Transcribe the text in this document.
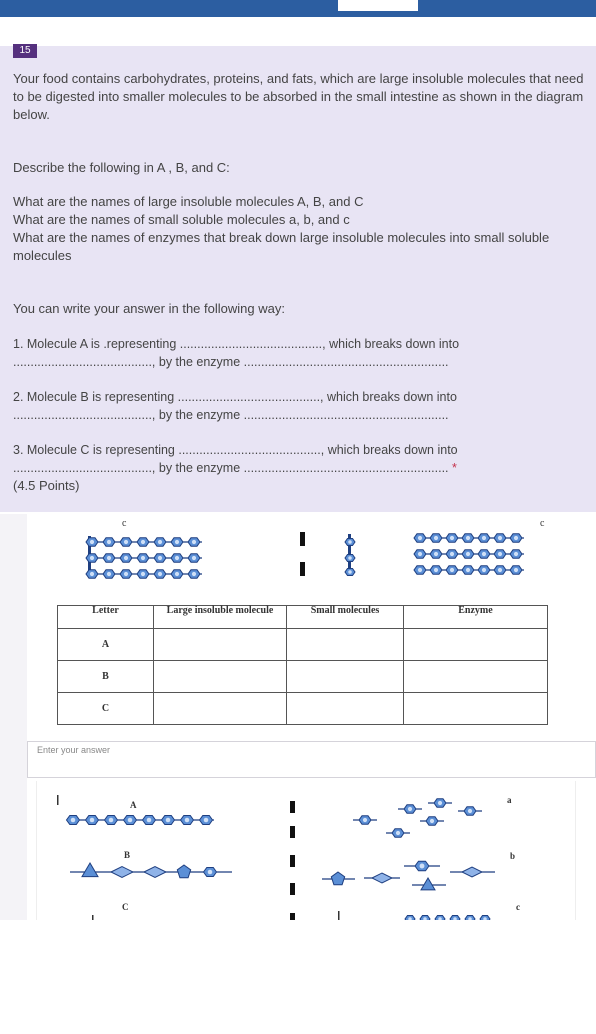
15

Your food contains carbohydrates, proteins, and fats, which are large insoluble molecules that need to be digested into smaller molecules to be absorbed in the small intestine as shown in the diagram below.

Describe the following in A , B, and C:

What are the names of large insoluble molecules A, B, and C

What are the names of small soluble molecules a, b, and c

What are the names of enzymes that break down large insoluble molecules into small soluble molecules

You can write your answer in the following way:

1. Molecule A is .representing ........................................., which breaks down into

........................................, by the enzyme ...........................................................

2. Molecule B is representing ........................................., which breaks down into

........................................, by the enzyme ...........................................................

3. Molecule C is representing ........................................., which breaks down into

........................................, by the enzyme ........................................................... *

(4.5 Points)
c	c
Letter	Large insoluble molecule	Small molecules	Enzyme
A			
B			
C			
Enter your answer
A
B
C
a
b
c
